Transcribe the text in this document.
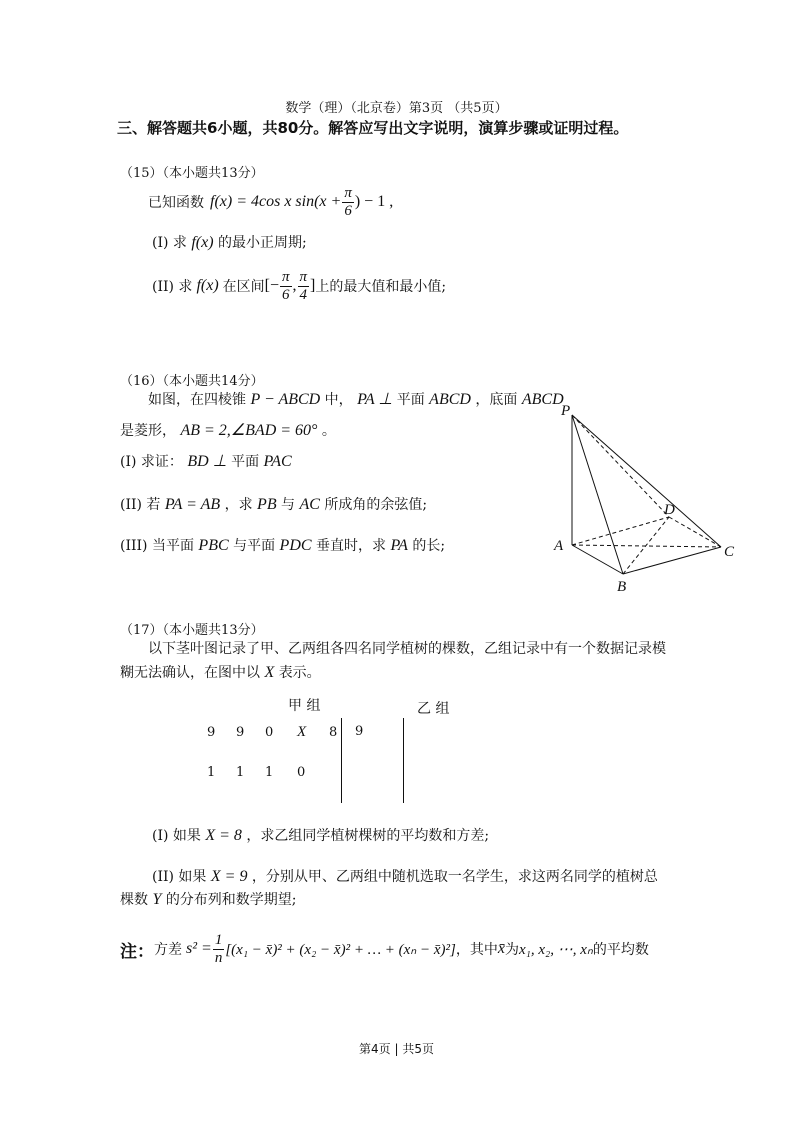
数学（理）（北京卷）第3页 （共5页）
三、解答题共6小题，共80分。解答应写出文字说明，演算步骤或证明过程。
（15）（本小题共13分）
已知函数 f(x) = 4cos x $\sin(x + \frac{\pi}{6}$ ) − 1 ,
(I) 求 f(x) 的最小正周期;
(II) 求 f(x) 在区间 [− $\frac{\pi}{6}$ , $\frac{\pi}{4}$ ] 上的最大值和最小值;
（16）（本小题共14分）
如图，在四棱锥 P − ABCD 中， PA ⊥ 平面 ABCD ，底面 ABCD
是菱形， AB = 2,∠BAD = 60° 。
(I) 求证： BD ⊥ 平面 PAC
(II) 若 PA = AB ，求 PB 与 AC 所成角的余弦值;
(III) 当平面 PBC 与平面 PDC 垂直时，求 PA 的长;
P
A
B
C
D
（17）（本小题共13分）
以下茎叶图记录了甲、乙两组各四名同学植树的棵数，乙组记录中有一个数据记录模
糊无法确认，在图中以 X 表示。
甲 组	乙 组
9 9 0 X 8 9
1 1 1 0
(I) 如果 X = 8 ，求乙组同学植树棵树的平均数和方差;
(II) 如果 X = 9 ，分别从甲、乙两组中随机选取一名学生，求这两名同学的植树总
棵数 Y 的分布列和数学期望;
注： 方差 $s^2 = \frac{1}{n} [(x_1$ − x̄)² + (x₂ − x̄)² + … + (xₙ − x̄)²] ，其中 x̄ 为 x₁, x₂, ⋯, xₙ 的平均数
第4页 | 共5页
